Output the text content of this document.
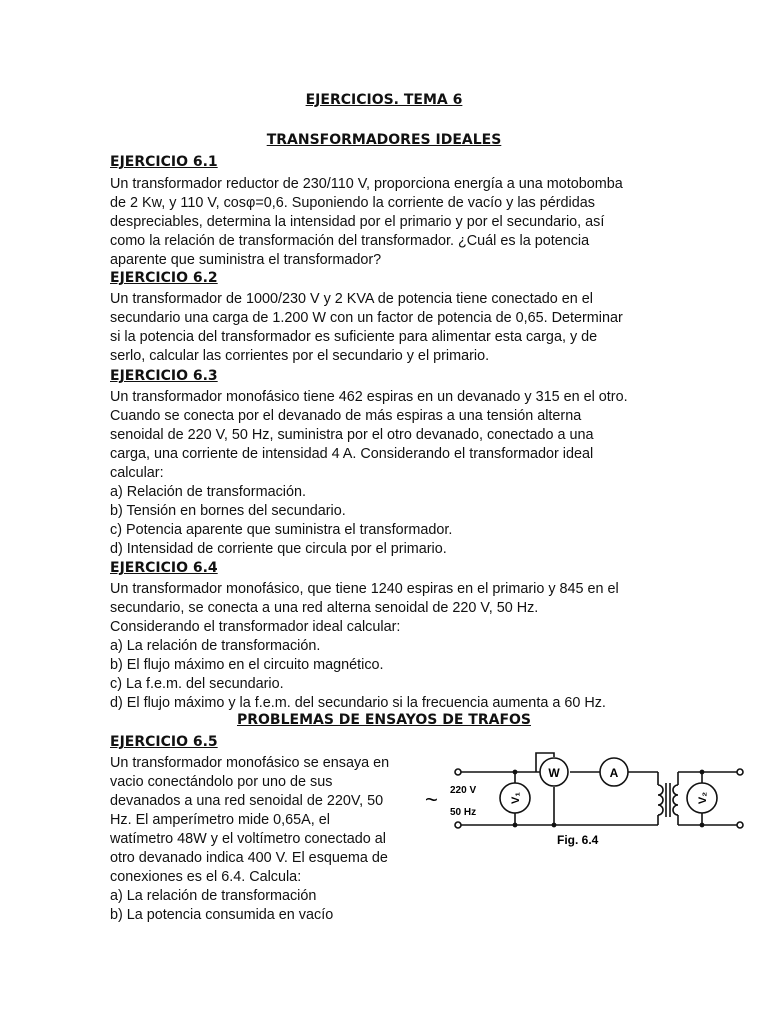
EJERCICIOS. TEMA 6
TRANSFORMADORES IDEALES
EJERCICIO 6.1
Un transformador reductor de 230/110 V, proporciona energía a una motobomba
de 2 Kw, y 110 V, cosφ=0,6. Suponiendo la corriente de vacío y las pérdidas
despreciables, determina la intensidad por el primario y por el secundario, así
como la relación de transformación del transformador. ¿Cuál es la potencia
aparente que suministra el transformador?
EJERCICIO 6.2
Un transformador de 1000/230 V y 2 KVA de potencia tiene conectado en el
secundario una carga de 1.200 W con un factor de potencia de 0,65. Determinar
si la potencia del transformador es suficiente para alimentar esta carga, y de
serlo, calcular las corrientes por el secundario y el primario.
EJERCICIO 6.3
Un transformador monofásico tiene 462 espiras en un devanado y 315 en el otro.
Cuando se conecta por el devanado de más espiras a una tensión alterna
senoidal de 220 V, 50 Hz, suministra por el otro devanado, conectado a una
carga, una corriente de intensidad 4 A. Considerando el transformador ideal
calcular:
a) Relación de transformación.
b) Tensión en bornes del secundario.
c) Potencia aparente que suministra el transformador.
d) Intensidad de corriente que circula por el primario.
EJERCICIO 6.4
Un transformador monofásico, que tiene 1240 espiras en el primario y 845 en el
secundario, se conecta a una red alterna senoidal de 220 V, 50 Hz.
Considerando el transformador ideal calcular:
a) La relación de transformación.
b) El flujo máximo en el circuito magnético.
c) La f.e.m. del secundario.
d) El flujo máximo y la f.e.m. del secundario si la frecuencia aumenta a 60 Hz.
PROBLEMAS DE ENSAYOS DE TRAFOS
EJERCICIO 6.5
Un transformador monofásico se ensaya en
vacio conectándolo por uno de sus
devanados a una red senoidal de 220V, 50
Hz. El amperímetro mide 0,65A, el
watímetro 48W y el voltímetro conectado al
otro devanado indica 400 V. El esquema de
conexiones es el 6.4. Calcula:
a) La relación de transformación
b) La potencia consumida en vacío
W	A
V₁	V₂
220 V
50 Hz
~
Fig. 6.4
